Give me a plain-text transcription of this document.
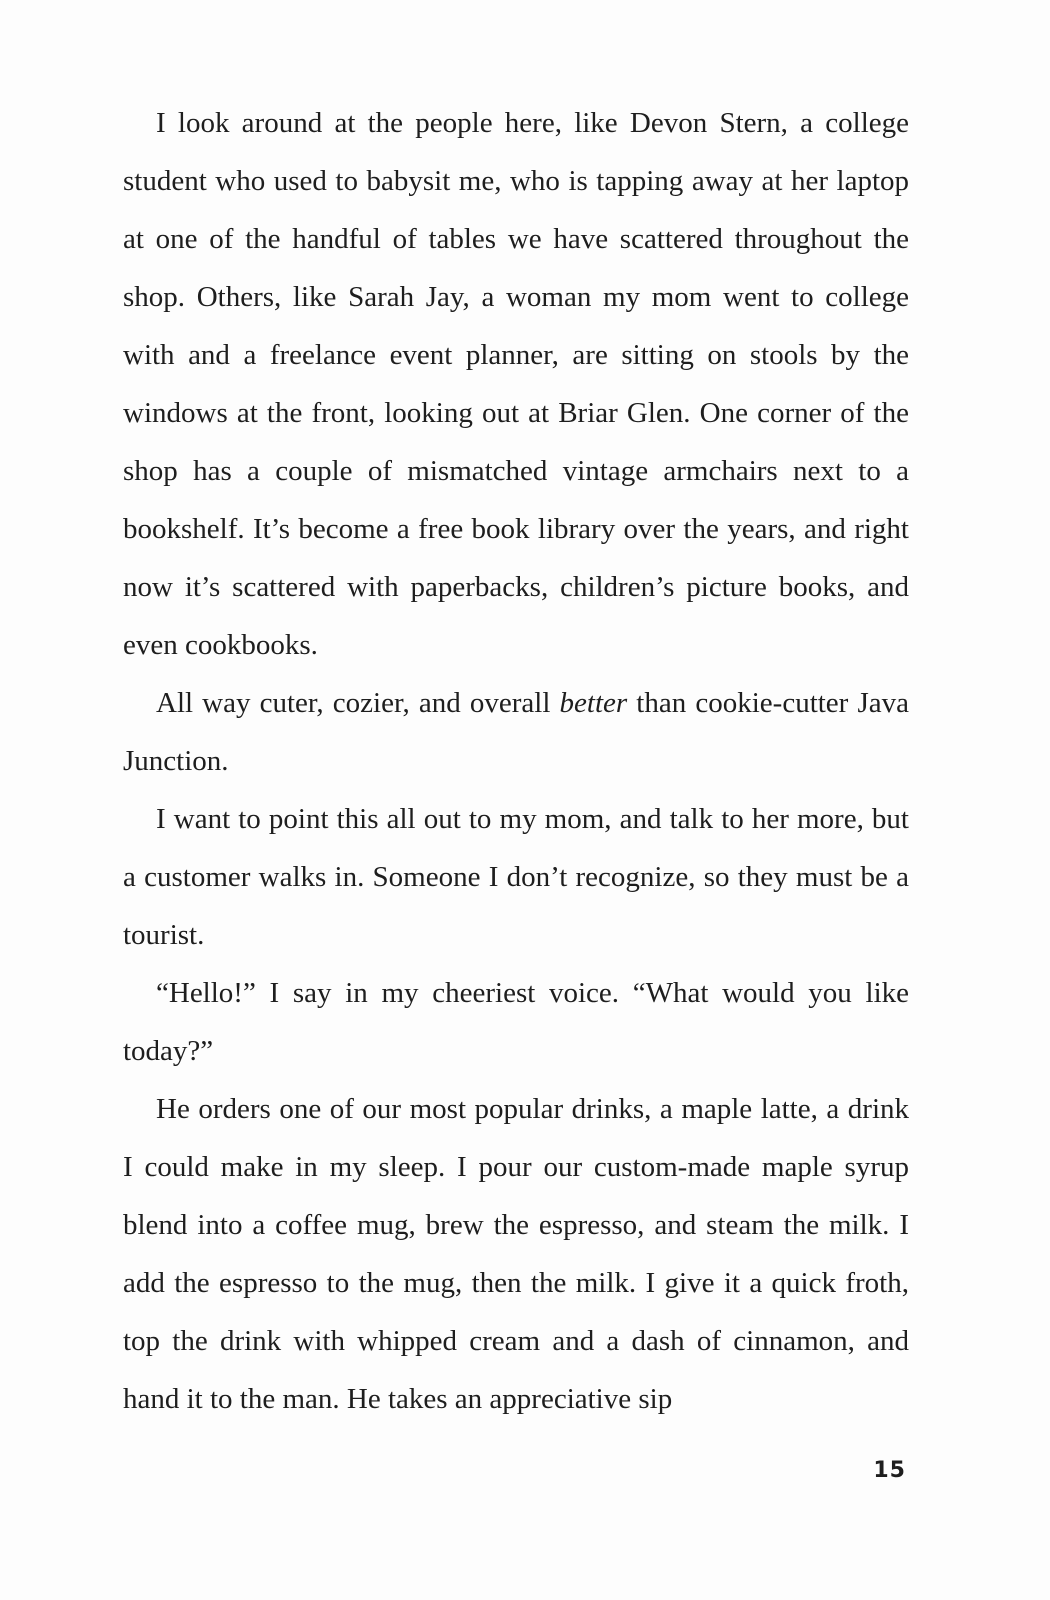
I look around at the people here, like Devon Stern, a college student who used to babysit me, who is tapping away at her laptop at one of the handful of tables we have scattered throughout the shop. Others, like Sarah Jay, a woman my mom went to college with and a freelance event planner, are sitting on stools by the windows at the front, looking out at Briar Glen. One corner of the shop has a couple of mismatched vintage armchairs next to a bookshelf. It’s become a free book library over the years, and right now it’s scattered with paperbacks, children’s picture books, and even cookbooks.

All way cuter, cozier, and overall better than cookie-cutter Java Junction.

I want to point this all out to my mom, and talk to her more, but a customer walks in. Someone I don’t recognize, so they must be a tourist.

“Hello!” I say in my cheeriest voice. “What would you like today?”

He orders one of our most popular drinks, a maple latte, a drink I could make in my sleep. I pour our custom-made maple syrup blend into a coffee mug, brew the espresso, and steam the milk. I add the espresso to the mug, then the milk. I give it a quick froth, top the drink with whipped cream and a dash of cinnamon, and hand it to the man. He takes an appreciative sip

15
